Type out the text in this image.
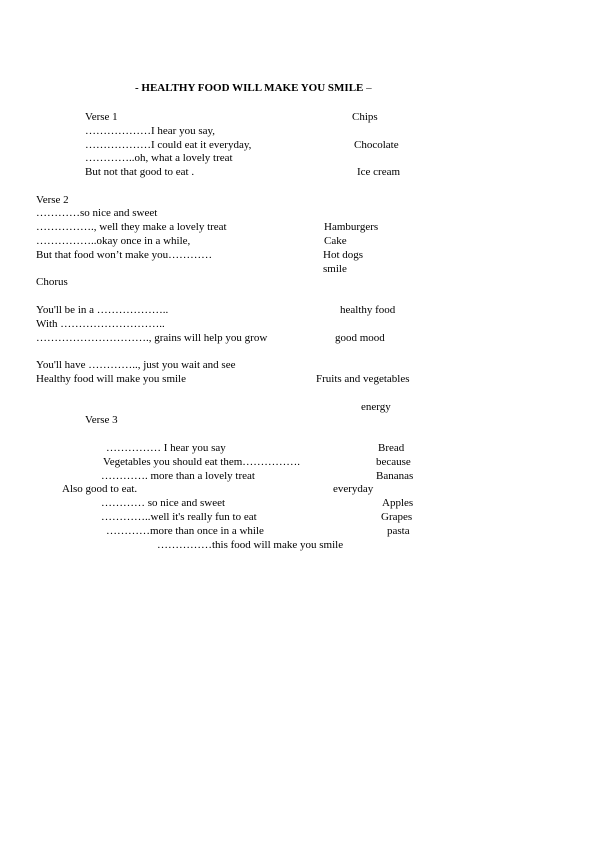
- HEALTHY FOOD WILL MAKE YOU SMILE –
Verse 1
………………I hear you say,
………………I could eat it everyday,
…………..oh, what a lovely treat
But not that good to eat .
Verse 2
…………so nice and sweet
……………., well they make a lovely treat
……………..okay once in a while,
But that food won’t make you…………
Chorus
You'll be in a ………………..
With ………………………..
…………………………., grains will help you grow
You'll have ………….., just you wait and see
Healthy food will make you smile
Verse 3
…………… I hear you say
Vegetables you should eat them…………….
…………. more than a lovely treat
Also good to eat.
………… so nice and sweet
…………..well it's really fun to eat
…………more than once in a while
……………this food will make you smile
Chips
Chocolate
Ice cream
Hamburgers
Cake
Hot dogs
smile
healthy food
good mood
Fruits and vegetables
energy
Bread
because
Bananas
everyday
Apples
Grapes
pasta
